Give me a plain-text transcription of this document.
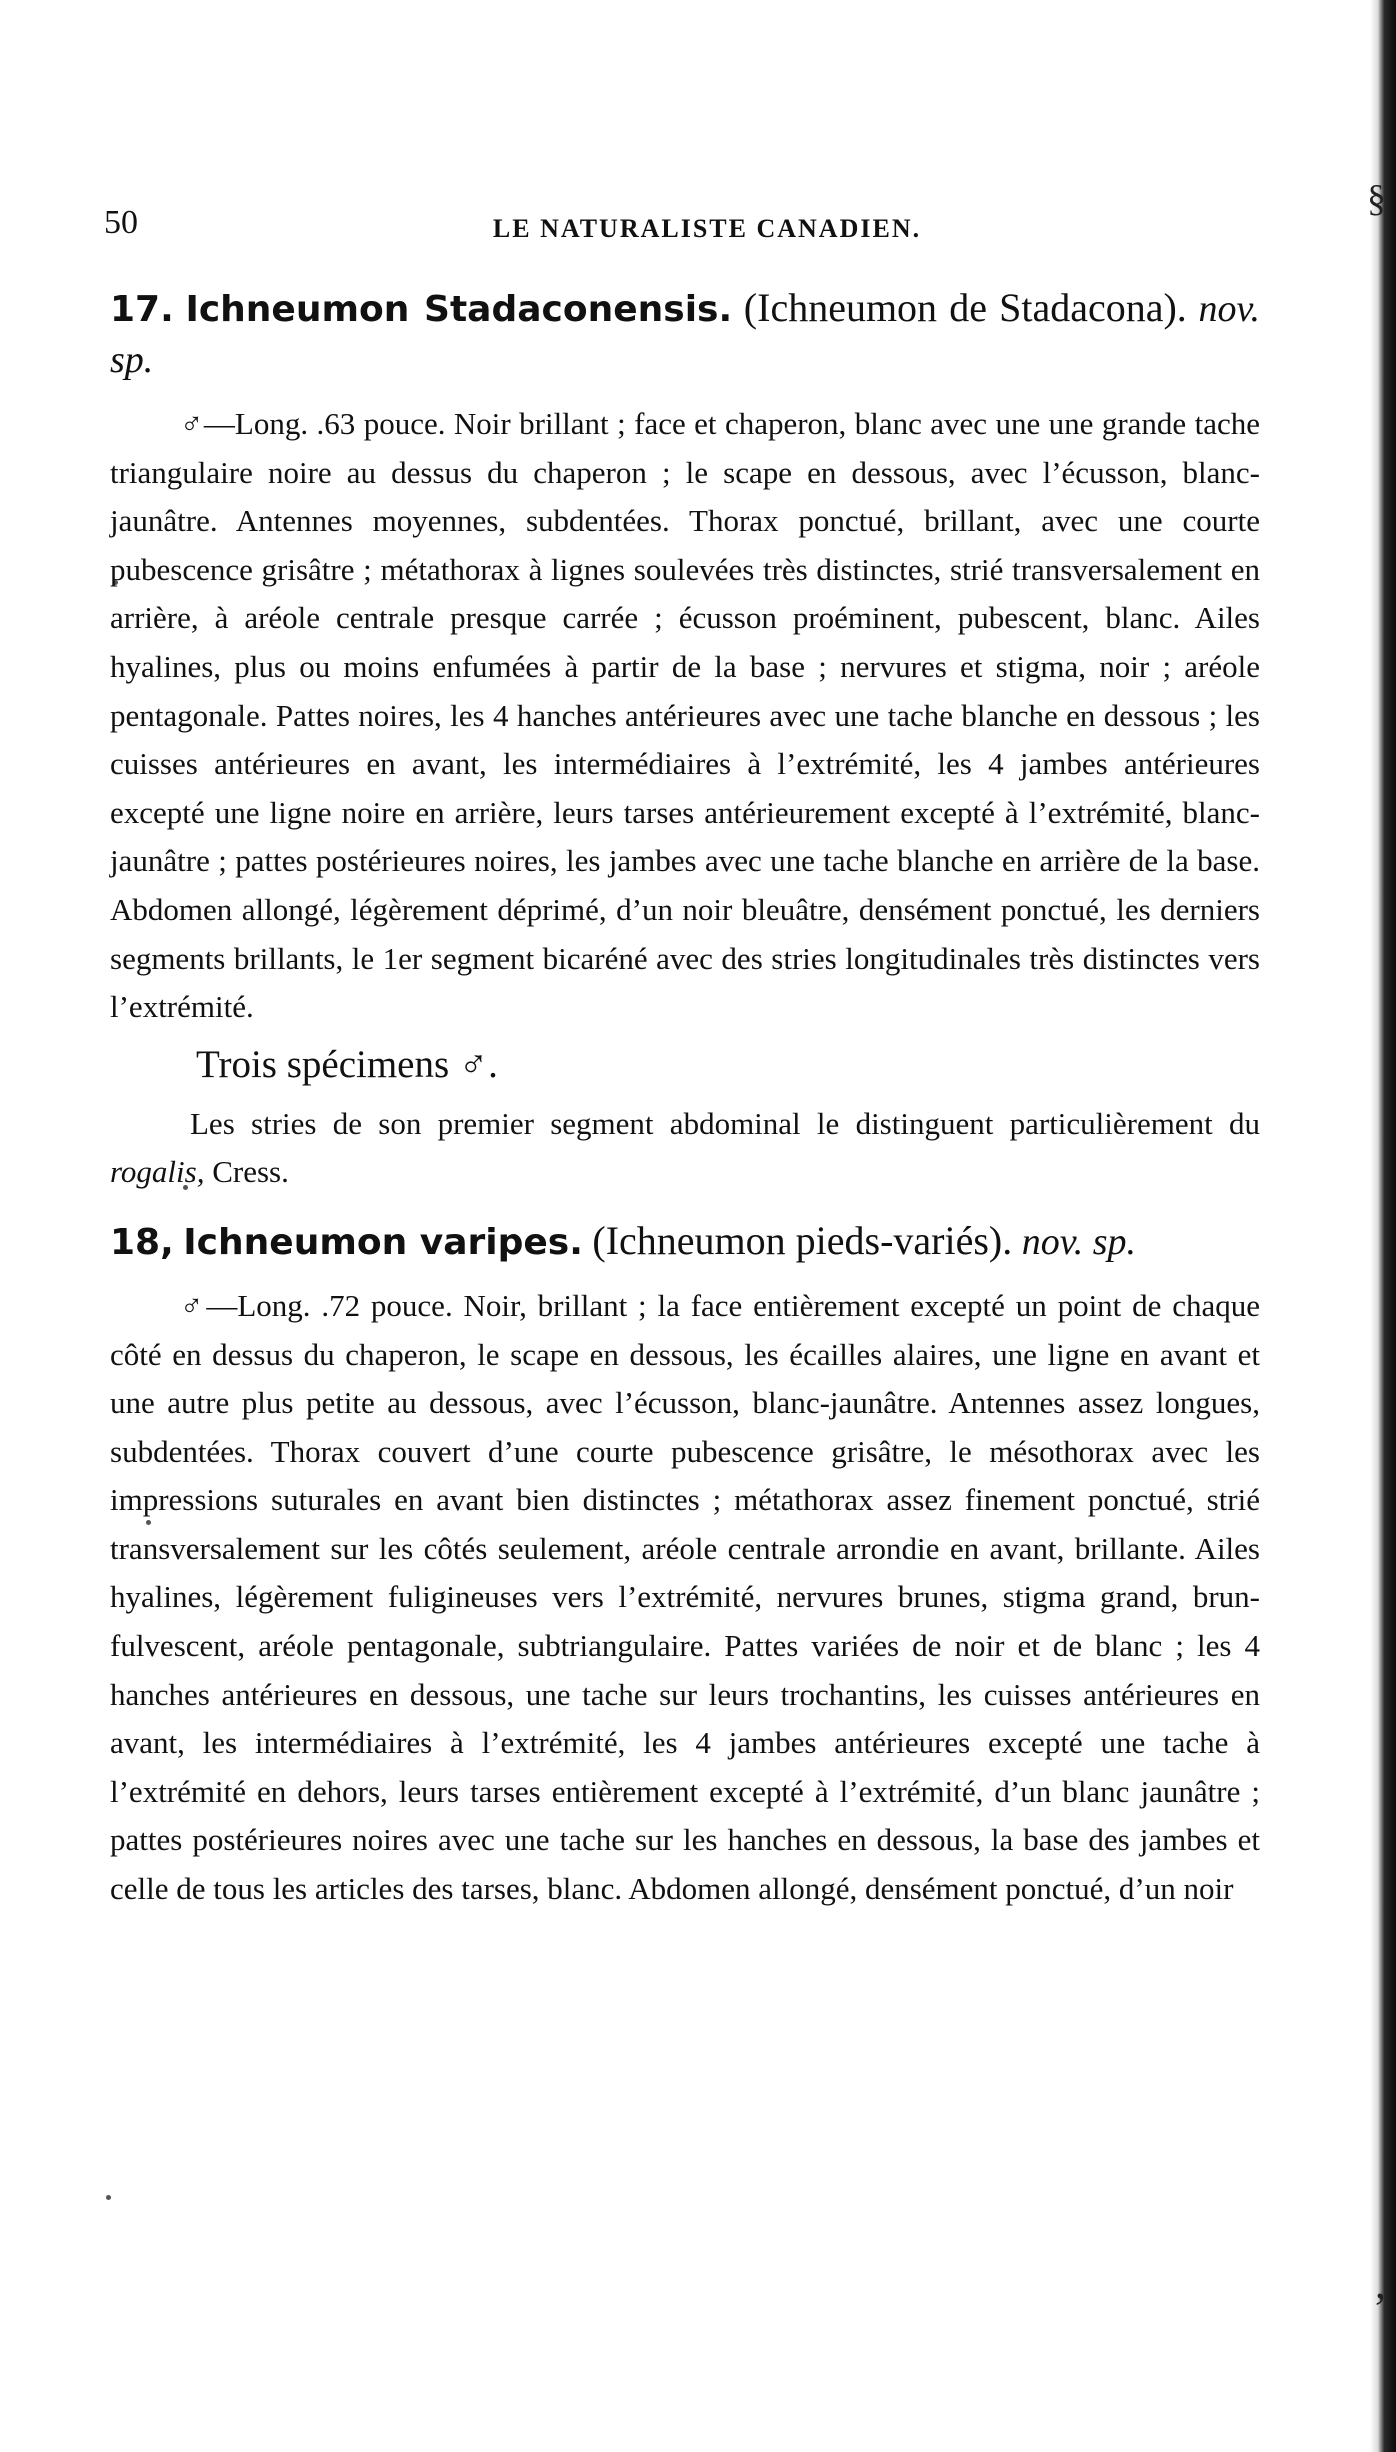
§
,
50	LE NATURALISTE CANADIEN.

17. Ichneumon Stadaconensis. (Ichneumon de Stadacona). nov. sp.

♂—Long. .63 pouce. Noir brillant ; face et chaperon, blanc avec une une grande tache triangulaire noire au dessus du chaperon ; le scape en dessous, avec l’écusson, blanc-jaunâtre. Antennes moyennes, subdentées. Thorax ponctué, brillant, avec une courte pubescence grisâtre ; métathorax à lignes soulevées très distinctes, strié transversalement en arrière, à aréole centrale presque carrée ; écusson proéminent, pubescent, blanc. Ailes hyalines, plus ou moins enfumées à partir de la base ; nervures et stigma, noir ; aréole pentagonale. Pattes noires, les 4 hanches antérieures avec une tache blanche en dessous ; les cuisses antérieures en avant, les intermédiaires à l’extrémité, les 4 jambes antérieures excepté une ligne noire en arrière, leurs tarses antérieurement excepté à l’extrémité, blanc-jaunâtre ; pattes postérieures noires, les jambes avec une tache blanche en arrière de la base. Abdomen allongé, légèrement déprimé, d’un noir bleuâtre, densément ponctué, les derniers segments brillants, le 1er segment bicaréné avec des stries longitudinales très distinctes vers l’extrémité.

Trois spécimens ♂.

Les stries de son premier segment abdominal le distinguent particulièrement du rogalis, Cress.

18, Ichneumon varipes. (Ichneumon pieds-variés). nov. sp.

♂—Long. .72 pouce. Noir, brillant ; la face entièrement excepté un point de chaque côté en dessus du chaperon, le scape en dessous, les écailles alaires, une ligne en avant et une autre plus petite au dessous, avec l’écusson, blanc-jaunâtre. Antennes assez longues, subdentées. Thorax couvert d’une courte pubescence grisâtre, le mésothorax avec les impressions suturales en avant bien distinctes ; métathorax assez finement ponctué, strié transversalement sur les côtés seulement, aréole centrale arrondie en avant, brillante. Ailes hyalines, légèrement fuligineuses vers l’extrémité, nervures brunes, stigma grand, brun-fulvescent, aréole pentagonale, subtriangulaire. Pattes variées de noir et de blanc ; les 4 hanches antérieures en dessous, une tache sur leurs trochantins, les cuisses antérieures en avant, les intermédiaires à l’extrémité, les 4 jambes antérieures excepté une tache à l’extrémité en dehors, leurs tarses entièrement excepté à l’extrémité, d’un blanc jaunâtre ; pattes postérieures noires avec une tache sur les hanches en dessous, la base des jambes et celle de tous les articles des tarses, blanc. Abdomen allongé, densément ponctué, d’un noir
